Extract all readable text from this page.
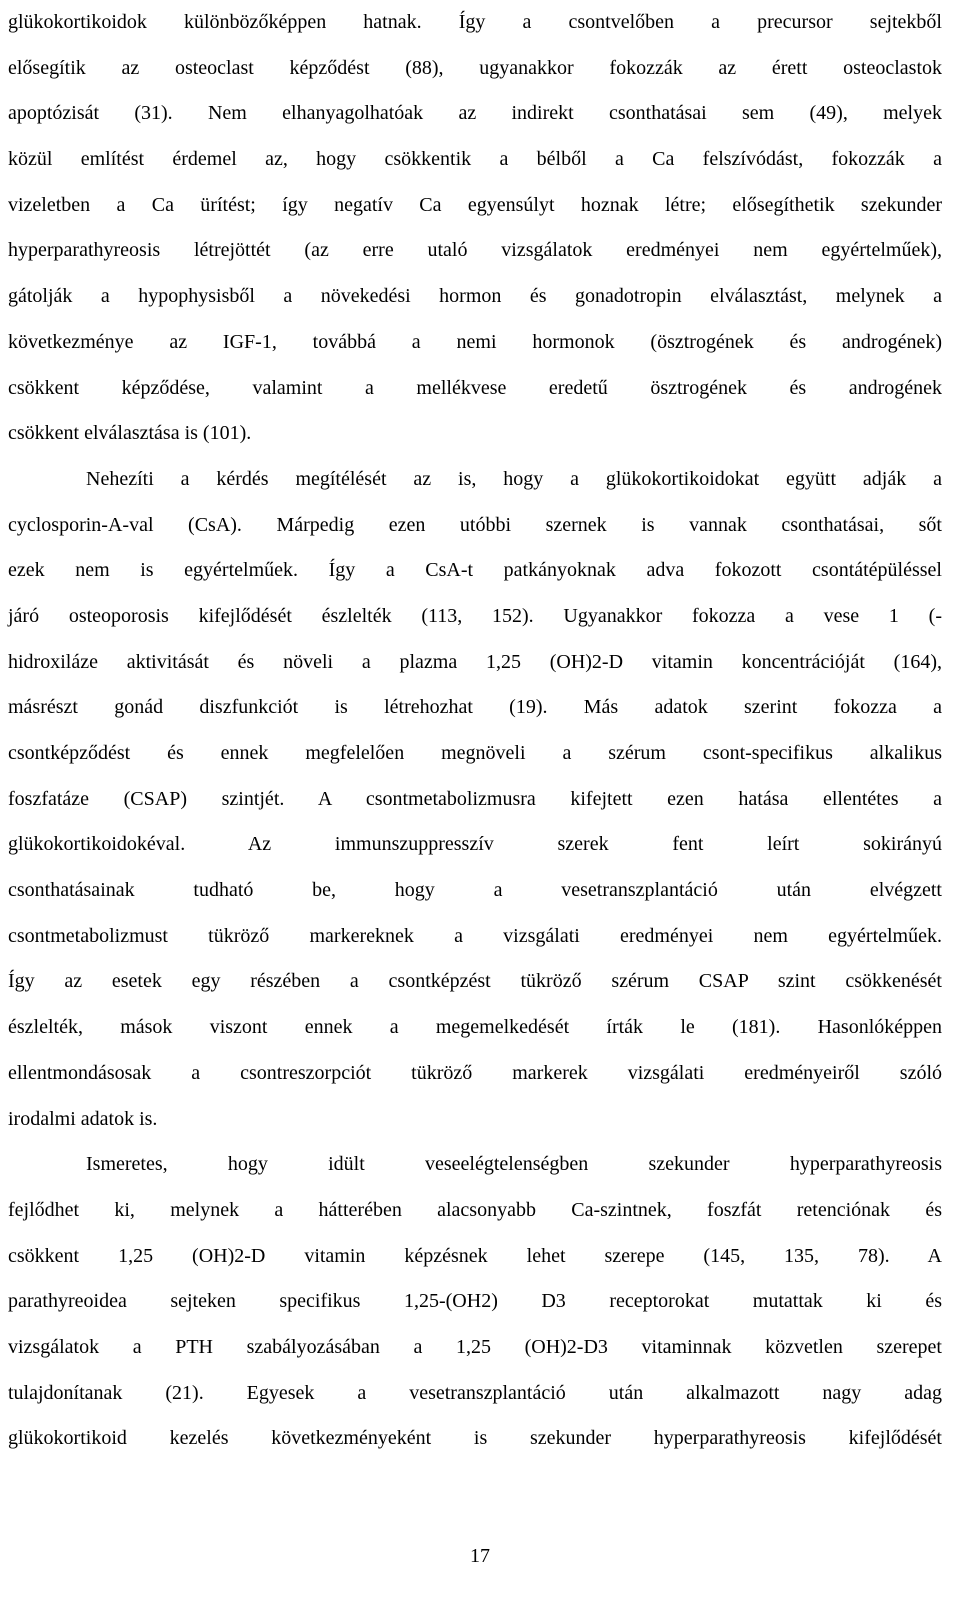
glükokortikoidok különbözőképpen hatnak. Így a csontvelőben a precursor sejtekből
elősegítik az osteoclast képződést (88), ugyanakkor fokozzák az érett osteoclastok
apoptózisát (31). Nem elhanyagolhatóak az indirekt csonthatásai sem (49), melyek
közül említést érdemel az, hogy csökkentik a bélből a Ca felszívódást, fokozzák a
vizeletben a Ca ürítést; így negatív Ca egyensúlyt hoznak létre; elősegíthetik szekunder
hyperparathyreosis létrejöttét (az erre utaló vizsgálatok eredményei nem egyértelműek),
gátolják a hypophysisből a növekedési hormon és gonadotropin elválasztást, melynek a
következménye az IGF-1, továbbá a nemi hormonok (ösztrogének és androgének)
csökkent képződése, valamint a mellékvese eredetű ösztrogének és androgének
csökkent elválasztása is (101).
Nehezíti a kérdés megítélését az is, hogy a glükokortikoidokat együtt adják a
cyclosporin-A-val (CsA). Márpedig ezen utóbbi szernek is vannak csonthatásai, sőt
ezek nem is egyértelműek. Így a CsA-t patkányoknak adva fokozott csontátépüléssel
járó osteoporosis kifejlődését észlelték (113, 152). Ugyanakkor fokozza a vese 1 (-
hidroxiláze aktivitását és növeli a plazma 1,25 (OH)2-D vitamin koncentrációját (164),
másrészt gonád diszfunkciót is létrehozhat (19). Más adatok szerint fokozza a
csontképződést és ennek megfelelően megnöveli a szérum csont-specifikus alkalikus
foszfatáze (CSAP) szintjét. A csontmetabolizmusra kifejtett ezen hatása ellentétes a
glükokortikoidokéval. Az immunszuppresszív szerek fent leírt sokirányú
csonthatásainak tudható be, hogy a vesetranszplantáció után elvégzett
csontmetabolizmust tükröző markereknek a vizsgálati eredményei nem egyértelműek.
Így az esetek egy részében a csontképzést tükröző szérum CSAP szint csökkenését
észlelték, mások viszont ennek a megemelkedését írták le (181). Hasonlóképpen
ellentmondásosak a csontreszorpciót tükröző markerek vizsgálati eredményeiről szóló
irodalmi adatok is.
Ismeretes, hogy idült veseelégtelenségben szekunder hyperparathyreosis
fejlődhet ki, melynek a hátterében alacsonyabb Ca-szintnek, foszfát retenciónak és
csökkent 1,25 (OH)2-D vitamin képzésnek lehet szerepe (145, 135, 78). A
parathyreoidea sejteken specifikus 1,25-(OH2) D3 receptorokat mutattak ki és
vizsgálatok a PTH szabályozásában a 1,25 (OH)2-D3 vitaminnak közvetlen szerepet
tulajdonítanak (21). Egyesek a vesetranszplantáció után alkalmazott nagy adag
glükokortikoid kezelés következményeként is szekunder hyperparathyreosis kifejlődését
17
